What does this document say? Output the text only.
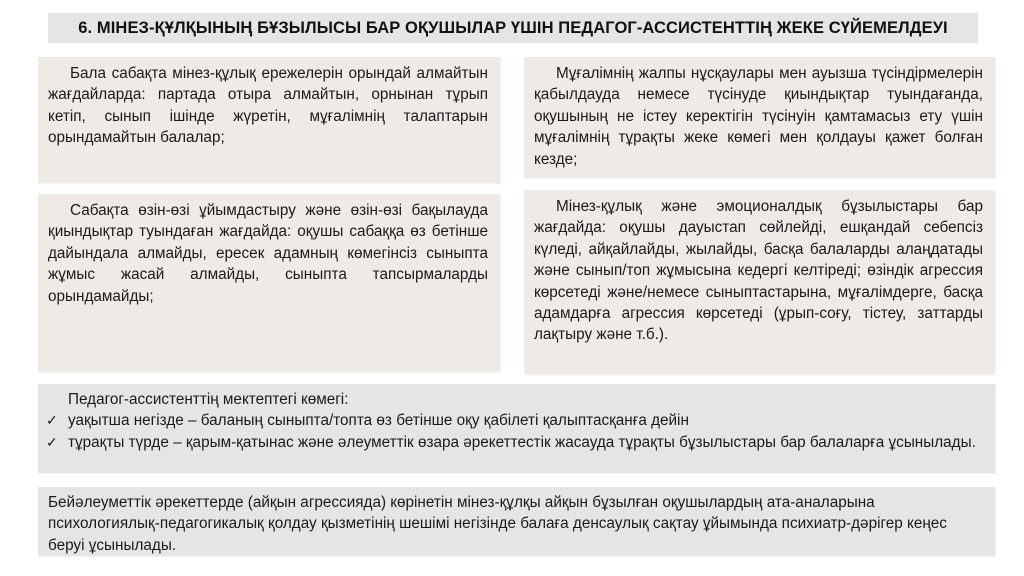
6. МІНЕЗ-ҚҰЛҚЫНЫҢ БҰЗЫЛЫСЫ БАР ОҚУШЫЛАР ҮШІН ПЕДАГОГ-АССИСТЕНТТІҢ ЖЕКЕ СҮЙЕМЕЛДЕУІ

Бала сабақта мінез-құлық ережелерін орындай алмайтын жағдайларда: партада отыра алмайтын, орнынан тұрып кетіп, сынып ішінде жүретін, мұғалімнің талаптарын орындамайтын балалар;

Мұғалімнің жалпы нұсқаулары мен ауызша түсіндірмелерін қабылдауда немесе түсінуде қиындықтар туындағанда, оқушының не істеу керектігін түсінуін қамтамасыз ету үшін мұғалімнің тұрақты жеке көмегі мен қолдауы қажет болған кезде;

Сабақта өзін-өзі ұйымдастыру және өзін-өзі бақылауда қиындықтар туындаған жағдайда: оқушы сабаққа өз бетінше дайындала алмайды, ересек адамның көмегінсіз сыныпта жұмыс жасай алмайды, сыныпта тапсырмаларды орындамайды;

Мінез-құлық және эмоционалдық бұзылыстары бар жағдайда: оқушы дауыстап сөйлейді, ешқандай себепсіз күледі, айқайлайды, жылайды, басқа балаларды алаңдатады және сынып/топ жұмысына кедергі келтіреді; өзіндік агрессия көрсетеді және/немесе сыныптастарына, мұғалімдерге, басқа адамдарға агрессия көрсетеді (ұрып-соғу, тістеу, заттарды лақтыру және т.б.).

Педагог-ассистенттің мектептегі көмегі:
✓ уақытша негізде – баланың сыныпта/топта өз бетінше оқу қабілеті қалыптасқанға дейін
✓ тұрақты түрде – қарым-қатынас және әлеуметтік өзара әрекеттестік жасауда тұрақты бұзылыстары бар балаларға ұсынылады.
Бейәлеуметтік әрекеттерде (айқын агрессияда) көрінетін мінез-құлқы айқын бұзылған оқушылардың ата-аналарына психологиялық-педагогикалық қолдау қызметінің шешімі негізінде балаға денсаулық сақтау ұйымында психиатр-дәрігер кеңес беруі ұсынылады.
